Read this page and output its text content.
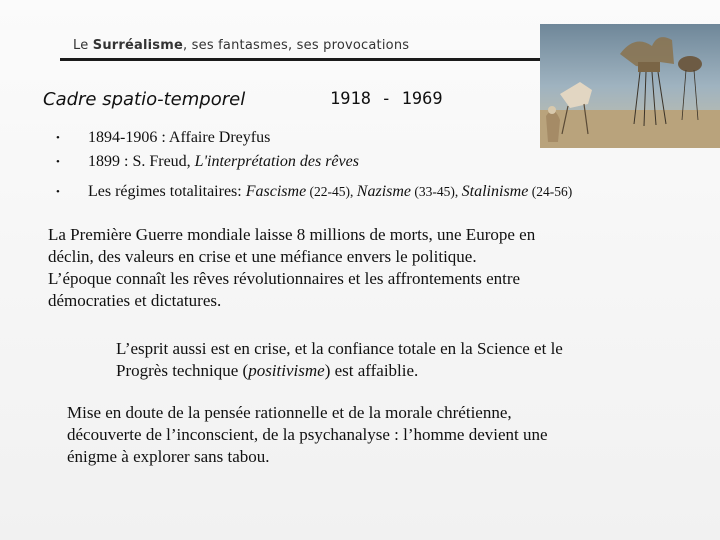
Le Surréalisme, ses fantasmes, ses provocations
Cadre spatio-temporel	1918 - 1969
• 1894-1906 : Affaire Dreyfus
• 1899 : S. Freud, L'interprétation des rêves
• Les régimes totalitaires: Fascisme (22-45), Nazisme (33-45), Stalinisme (24-56)
La Première Guerre mondiale laisse 8 millions de morts, une Europe en
déclin, des valeurs en crise et une méfiance envers le politique.
L’époque connaît les rêves révolutionnaires et les affrontements entre
démocraties et dictatures.
L’esprit aussi est en crise, et la confiance totale en la Science et le
Progrès technique (positivisme) est affaiblie.
Mise en doute de la pensée rationnelle et de la morale chrétienne,
découverte de l’inconscient, de la psychanalyse : l’homme devient une
énigme à explorer sans tabou.
